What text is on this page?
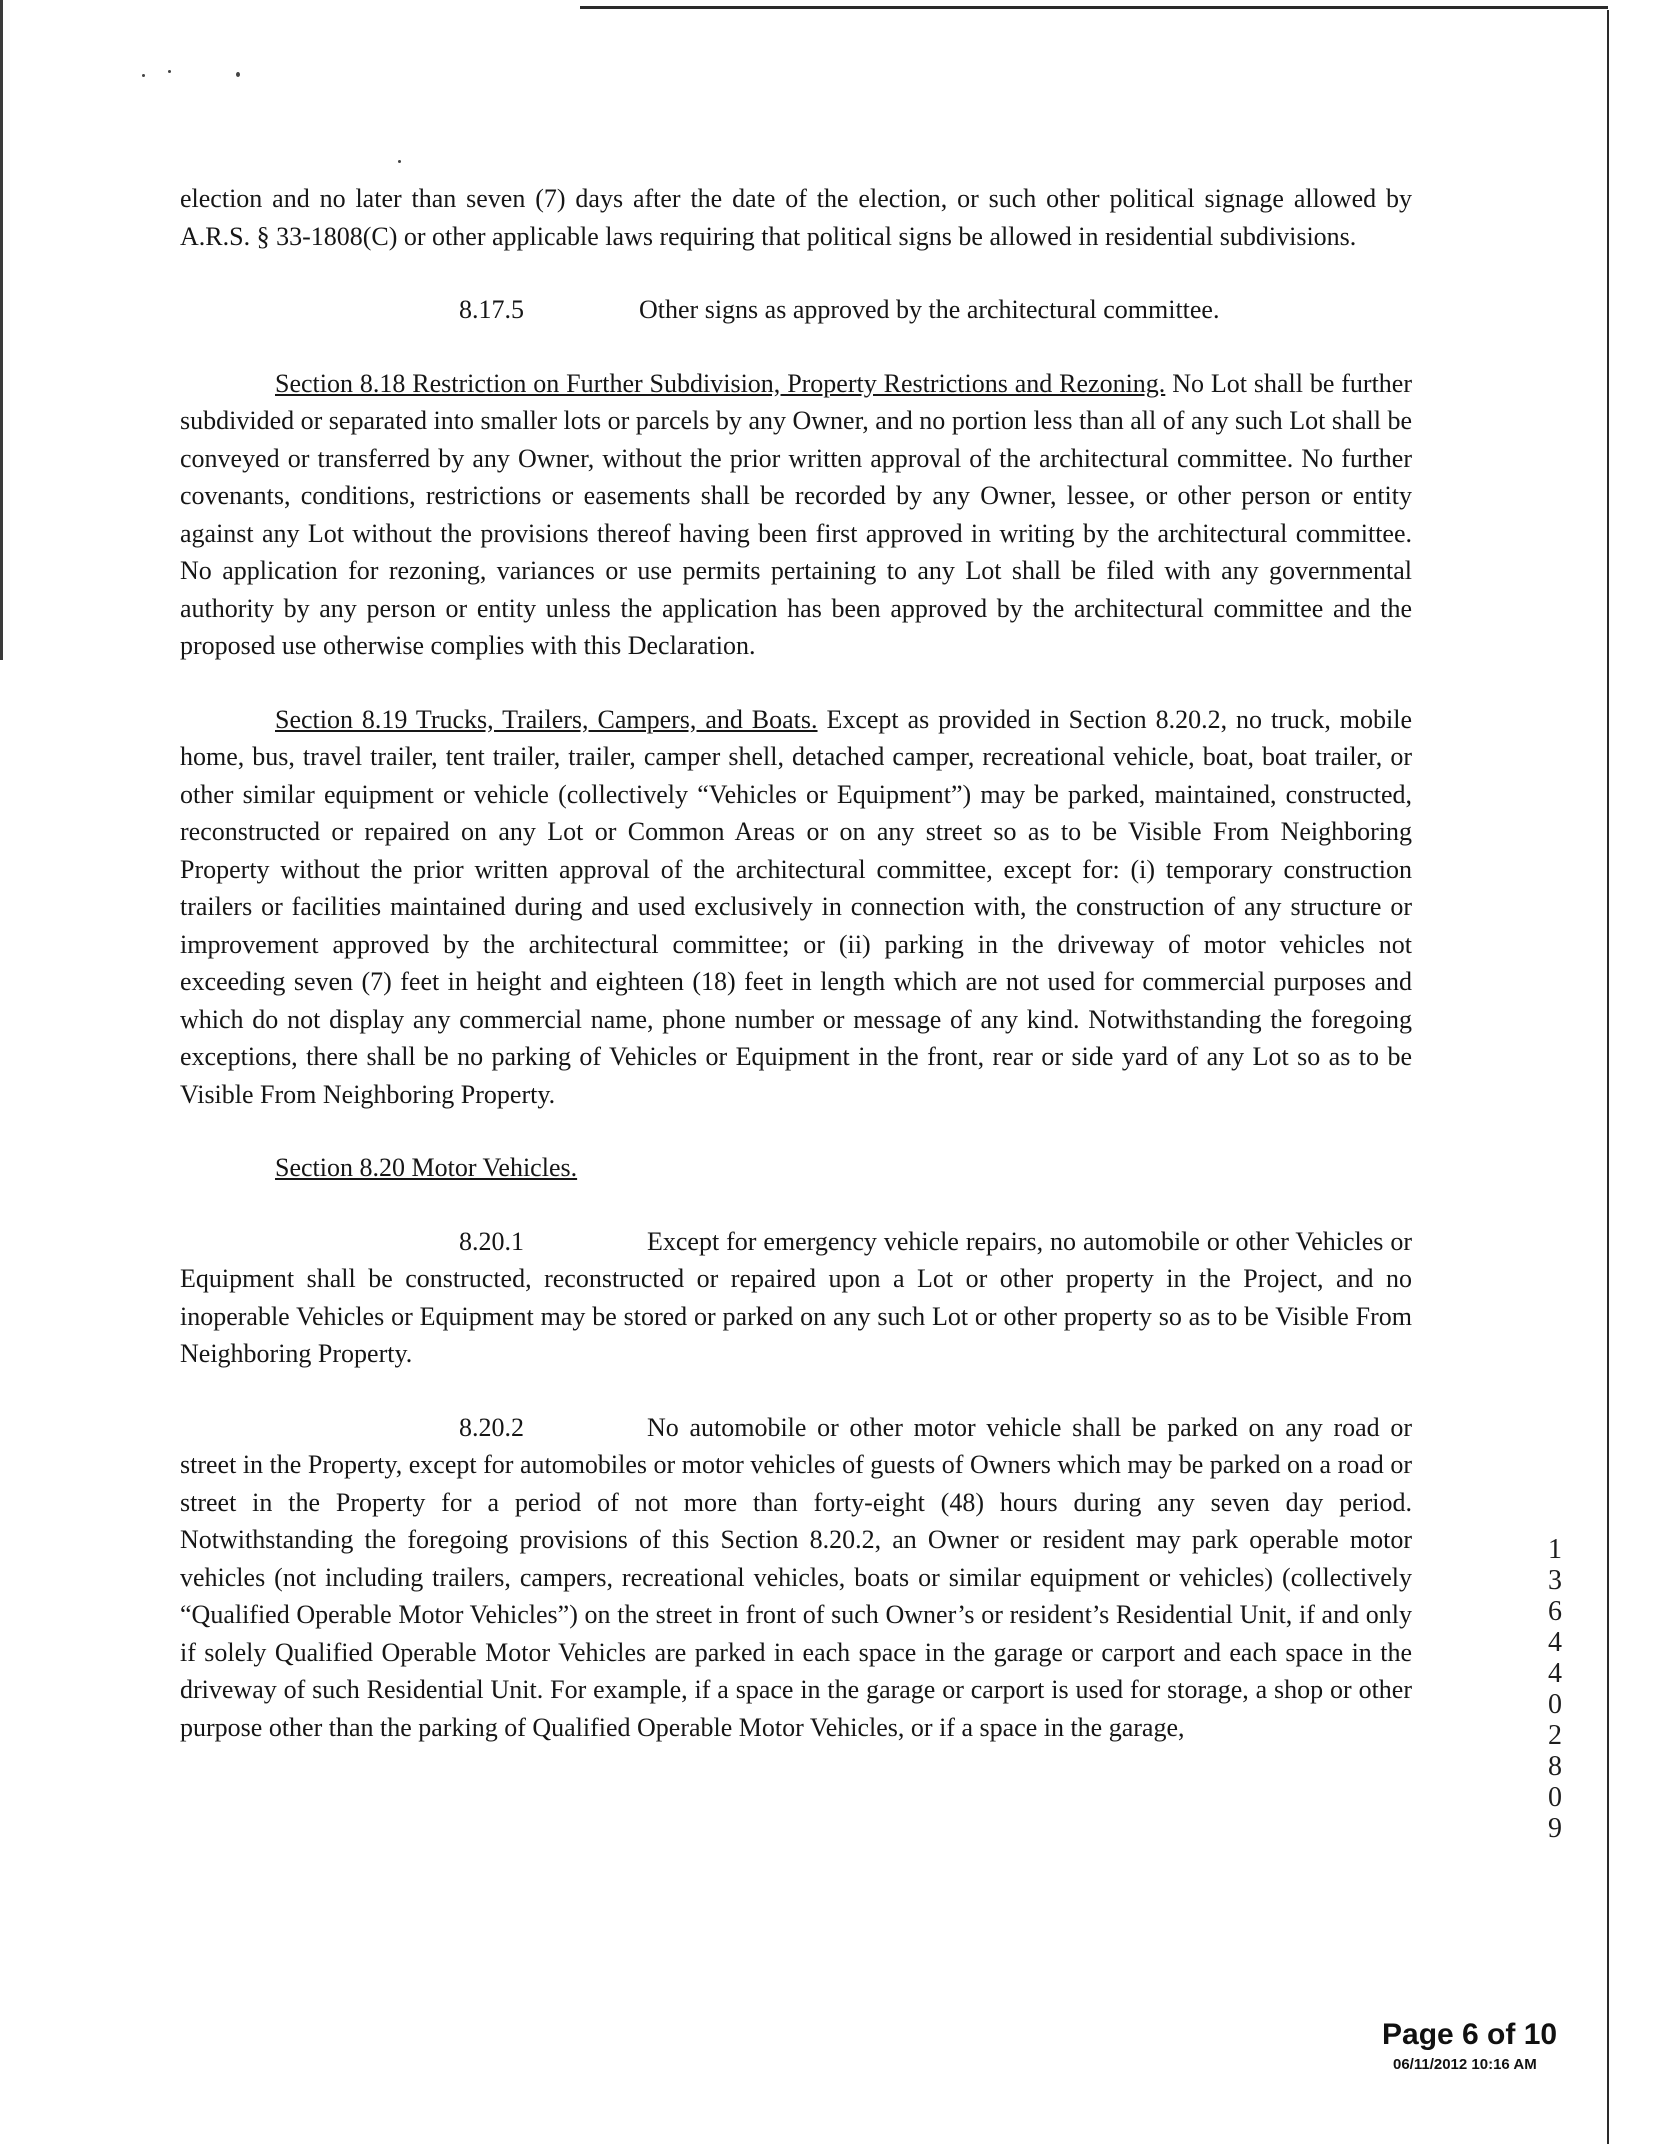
election and no later than seven (7) days after the date of the election, or such other political signage allowed by A.R.S. § 33-1808(C) or other applicable laws requiring that political signs be allowed in residential subdivisions.

8.17.5	Other signs as approved by the architectural committee.

Section 8.18 Restriction on Further Subdivision, Property Restrictions and Rezoning. No Lot shall be further subdivided or separated into smaller lots or parcels by any Owner, and no portion less than all of any such Lot shall be conveyed or transferred by any Owner, without the prior written approval of the architectural committee. No further covenants, conditions, restrictions or easements shall be recorded by any Owner, lessee, or other person or entity against any Lot without the provisions thereof having been first approved in writing by the architectural committee. No application for rezoning, variances or use permits pertaining to any Lot shall be filed with any governmental authority by any person or entity unless the application has been approved by the architectural committee and the proposed use otherwise complies with this Declaration.

Section 8.19 Trucks, Trailers, Campers, and Boats. Except as provided in Section 8.20.2, no truck, mobile home, bus, travel trailer, tent trailer, trailer, camper shell, detached camper, recreational vehicle, boat, boat trailer, or other similar equipment or vehicle (collectively “Vehicles or Equipment”) may be parked, maintained, constructed, reconstructed or repaired on any Lot or Common Areas or on any street so as to be Visible From Neighboring Property without the prior written approval of the architectural committee, except for: (i) temporary construction trailers or facilities maintained during and used exclusively in connection with, the construction of any structure or improvement approved by the architectural committee; or (ii) parking in the driveway of motor vehicles not exceeding seven (7) feet in height and eighteen (18) feet in length which are not used for commercial purposes and which do not display any commercial name, phone number or message of any kind. Notwithstanding the foregoing exceptions, there shall be no parking of Vehicles or Equipment in the front, rear or side yard of any Lot so as to be Visible From Neighboring Property.

Section 8.20 Motor Vehicles.

8.20.1	Except for emergency vehicle repairs, no automobile or other Vehicles or Equipment shall be constructed, reconstructed or repaired upon a Lot or other property in the Project, and no inoperable Vehicles or Equipment may be stored or parked on any such Lot or other property so as to be Visible From Neighboring Property.

8.20.2	No automobile or other motor vehicle shall be parked on any road or street in the Property, except for automobiles or motor vehicles of guests of Owners which may be parked on a road or street in the Property for a period of not more than forty-eight (48) hours during any seven day period. Notwithstanding the foregoing provisions of this Section 8.20.2, an Owner or resident may park operable motor vehicles (not including trailers, campers, recreational vehicles, boats or similar equipment or vehicles) (collectively “Qualified Operable Motor Vehicles”) on the street in front of such Owner’s or resident’s Residential Unit, if and only if solely Qualified Operable Motor Vehicles are parked in each space in the garage or carport and each space in the driveway of such Residential Unit. For example, if a space in the garage or carport is used for storage, a shop or other purpose other than the parking of Qualified Operable Motor Vehicles, or if a space in the garage,

1
3
6
4
4
0
2
8
0
9
Page 6 of 10
06/11/2012 10:16 AM
